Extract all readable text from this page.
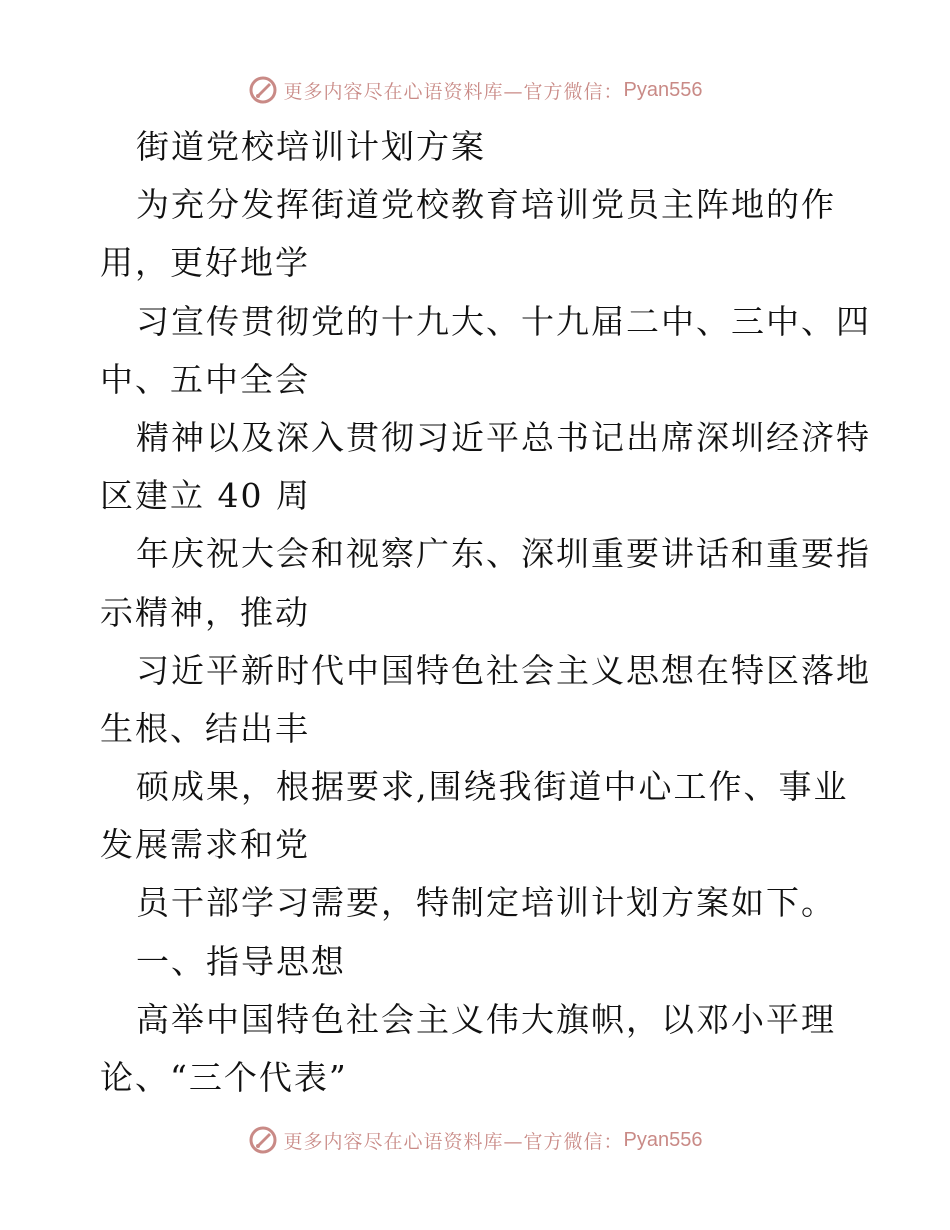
更多内容尽在心语资料库—官方微信： Pyan556
街道党校培训计划方案
为充分发挥街道党校教育培训党员主阵地的作
用，更好地学
习宣传贯彻党的十九大、十九届二中、三中、四
中、五中全会
精神以及深入贯彻习近平总书记出席深圳经济特
区建立 40 周
年庆祝大会和视察广东、深圳重要讲话和重要指
示精神，推动
习近平新时代中国特色社会主义思想在特区落地
生根、结出丰
硕成果，根据要求,围绕我街道中心工作、事业
发展需求和党
员干部学习需要，特制定培训计划方案如下。
一、指导思想
高举中国特色社会主义伟大旗帜，以邓小平理
论、“三个代表”
更多内容尽在心语资料库—官方微信： Pyan556
